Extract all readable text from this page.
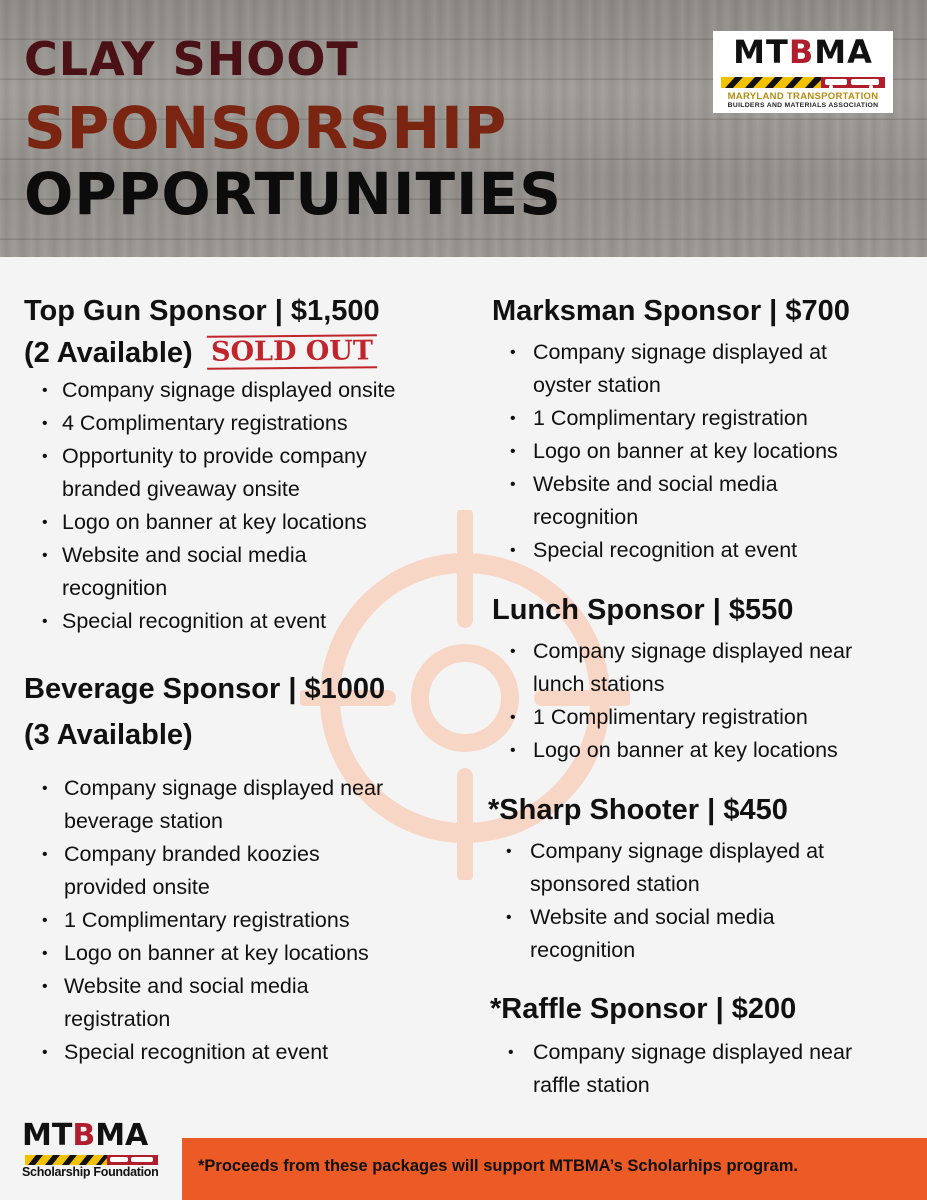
CLAY SHOOT
SPONSORSHIP
OPPORTUNITIES
MTBMA
MARYLAND TRANSPORTATION
BUILDERS AND MATERIALS ASSOCIATION
Top Gun Sponsor | $1,500
(2 Available) SOLD OUT
• Company signage displayed onsite
• 4 Complimentary registrations
• Opportunity to provide company branded giveaway onsite
• Logo on banner at key locations
• Website and social media recognition
• Special recognition at event
Beverage Sponsor | $1000
(3 Available)
• Company signage displayed near beverage station
• Company branded koozies provided onsite
• 1 Complimentary registrations
• Logo on banner at key locations
• Website and social media registration
• Special recognition at event
Marksman Sponsor | $700
• Company signage displayed at oyster station
• 1 Complimentary registration
• Logo on banner at key locations
• Website and social media recognition
• Special recognition at event
Lunch Sponsor | $550
• Company signage displayed near lunch stations
• 1 Complimentary registration
• Logo on banner at key locations
*Sharp Shooter | $450
• Company signage displayed at sponsored station
• Website and social media recognition
*Raffle Sponsor | $200
• Company signage displayed near raffle station
MTBMA
Scholarship Foundation *Proceeds from these packages will support MTBMA’s Scholarhips program.
